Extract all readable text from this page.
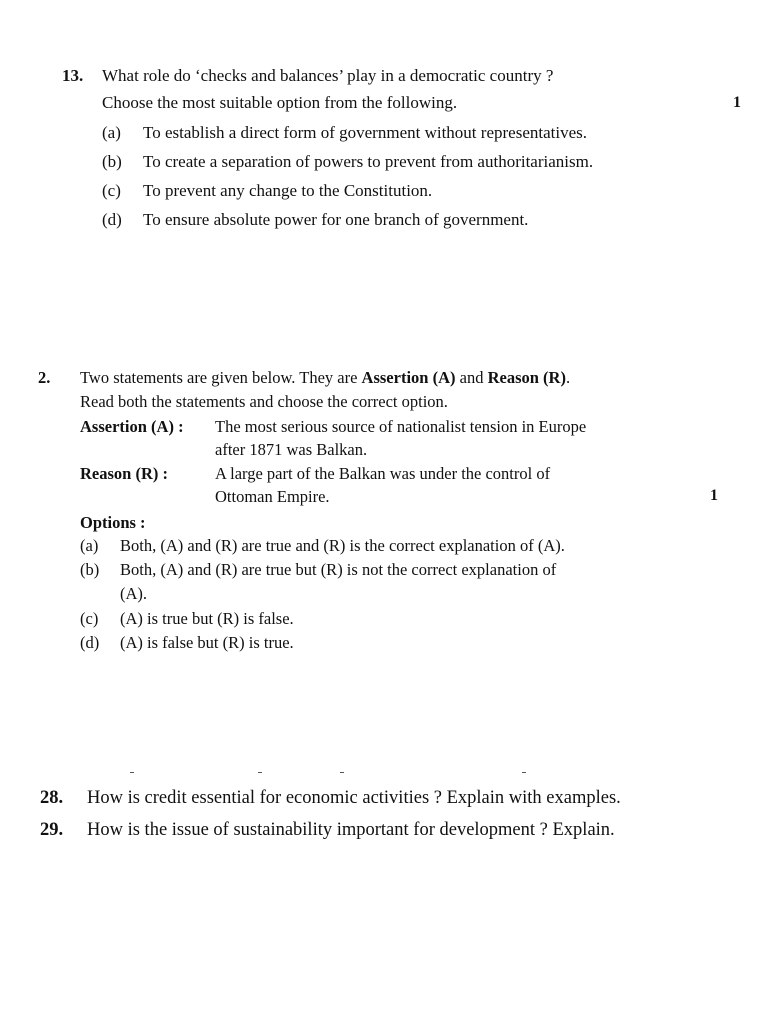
13. What role do ‘checks and balances’ play in a democratic country ?
Choose the most suitable option from the following.	1
(a) To establish a direct form of government without representatives.
(b) To create a separation of powers to prevent from authoritarianism.
(c) To prevent any change to the Constitution.
(d) To ensure absolute power for one branch of government.
2. Two statements are given below. They are Assertion (A) and Reason (R).
Read both the statements and choose the correct option.
Assertion (A) : The most serious source of nationalist tension in Europe
after 1871 was Balkan.
Reason (R) :	A large part of the Balkan was under the control of
Ottoman Empire.	1
Options :
(a) Both, (A) and (R) are true and (R) is the correct explanation of (A).
(b) Both, (A) and (R) are true but (R) is not the correct explanation of
(A).
(c) (A) is true but (R) is false.
(d) (A) is false but (R) is true.
28. How is credit essential for economic activities ? Explain with examples.
29. How is the issue of sustainability important for development ? Explain.
